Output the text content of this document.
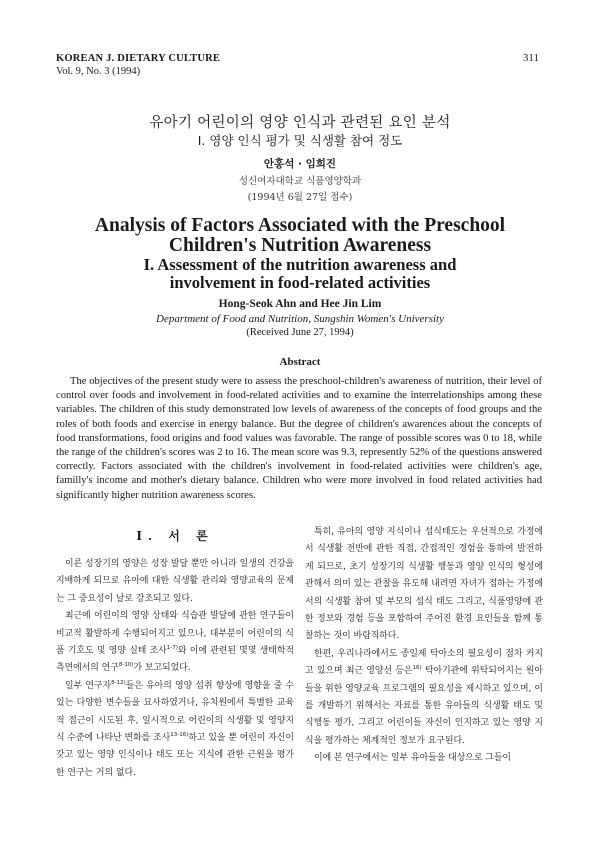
KOREAN J. DIETARY CULTURE
Vol. 9, No. 3 (1994)
311
유아기 어린이의 영양 인식과 관련된 요인 분석
I. 영양 인식 평가 및 식생활 참여 정도
안홍석 · 임희진
성신여자대학교 식품영양학과
(1994년 6월 27일 접수)
Analysis of Factors Associated with the Preschool
Children's Nutrition Awareness
I. Assessment of the nutrition awareness and
involvement in food-related activities
Hong-Seok Ahn and Hee Jin Lim
Department of Food and Nutrition, Sungshin Women's University
(Received June 27, 1994)
Abstract
The objectives of the present study were to assess the preschool-children's awareness of nutrition, their level of control over foods and involvement in food-related activities and to examine the interrelationships among these variables. The children of this study demonstrated low levels of awareness of the concepts of food groups and the roles of both foods and exercise in energy balance. But the degree of children's awarences about the concepts of food transformations, food origins and food values was favorable. The range of possible scores was 0 to 18, while the range of the children's scores was 2 to 16. The mean score was 9.3, represently 52% of the questions answered correctly. Factors associated with the children's involvement in food-related activities were children's age, familly's income and mother's dietary balance. Children who were more involved in food related activities had significantly higher nutrition awareness scores.
I. 서 론

이른 성장기의 영양은 성장 발달 뿐만 아니라 일생의 건강을 지배하게 되므로 유아에 대한 식생활 관리와 영양교육의 문제는 그 중요성이 날로 강조되고 있다.

최근에 어린이의 영양 상태와 식습관 발달에 관한 연구들이 비교적 활발하게 수행되어지고 있으나, 대부분이 어린이의 식품 기호도 및 영양 실태 조사$^{1-7)}$와 이에 관련된 몇몇 생태학적 측면에서의 연구$^{8-10)}$가 보고되었다.

일부 연구자$^{8-12)}$들은 유아의 영양 섭취 향상에 영향을 줄 수 있는 다양한 변수들을 묘사하였거나, 유치원에서 특별한 교육적 접근이 시도된 후, 일시적으로 어린이의 식생활 및 영양지식 수준에 나타난 변화를 조사$^{13-16)}$하고 있을 뿐 어린이 자신이 갖고 있는 영양 인식이나 태도 또는 지식에 관한 근원을 평가한 연구는 거의 없다.

특히, 유아의 영양 지식이나 섭식태도는 우선적으로 가정에서 식생활 전반에 관한 직접, 간접적인 경험을 통하여 발전하게 되므로, 초기 성장기의 식생활 행동과 영양 인식의 형성에 관해서 의미 있는 관찰을 유도해 내려면 자녀가 접하는 가정에서의 식생활 참여 및 부모의 섭식 태도 그리고, 식품영양에 관한 정보와 경험 등을 포함하여 주어진 환경 요인들을 함께 통찰하는 것이 바람직하다.

한편, 우리나라에서도 종일제 탁아소의 필요성이 점차 커지고 있으며 최근 영양선 등은$^{16)}$ 탁아기관에 위탁되어지는 원아들을 위한 영양교육 프로그램의 필요성을 제시하고 있으며, 이를 개발하기 위해서는 자료를 통한 유아들의 식생활 태도 및 식행동 평가, 그리고 어린이들 자신이 인지하고 있는 영양 지식을 평가하는 체계적인 정보가 요구된다.

이에 본 연구에서는 일부 유아들을 대상으로 그들이
